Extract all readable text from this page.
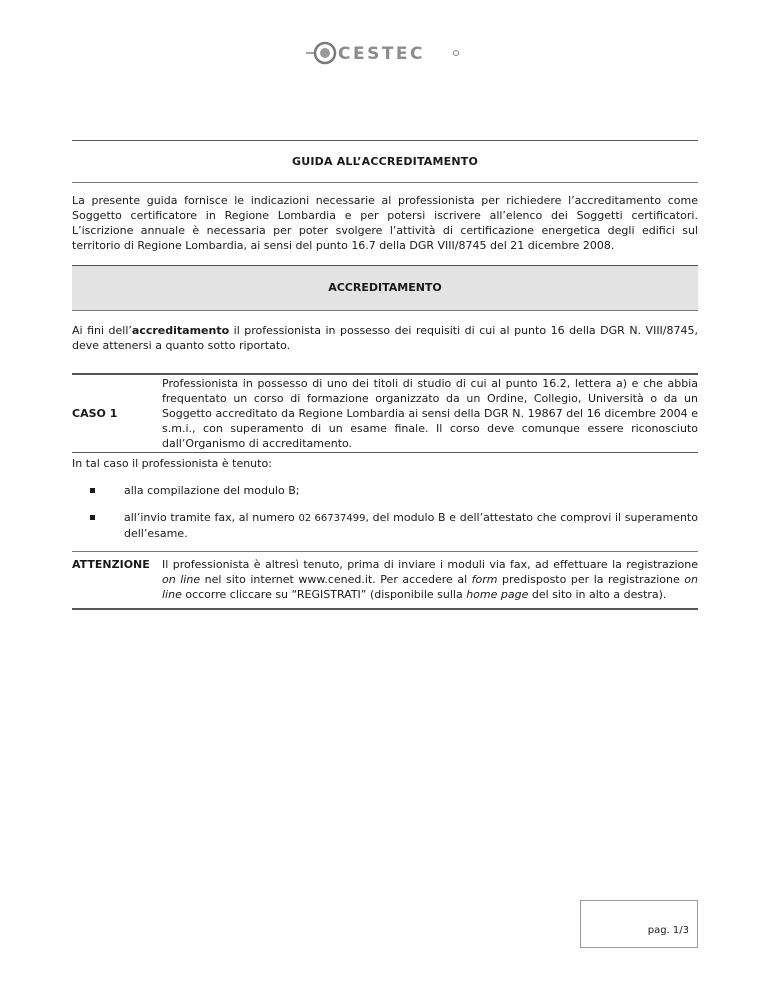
CESTEC
GUIDA ALL’ACCREDITAMENTO

La presente guida fornisce le indicazioni necessarie al professionista per richiedere l’accreditamento come Soggetto certificatore in Regione Lombardia e per potersi iscrivere all’elenco dei Soggetti certificatori. L’iscrizione annuale è necessaria per poter svolgere l’attività di certificazione energetica degli edifici sul territorio di Regione Lombardia, ai sensi del punto 16.7 della DGR VIII/8745 del 21 dicembre 2008.

ACCREDITAMENTO

Ai fini dell’accreditamento il professionista in possesso dei requisiti di cui al punto 16 della DGR N. VIII/8745, deve attenersi a quanto sotto riportato.

CASO 1

Professionista in possesso di uno dei titoli di studio di cui al punto 16.2, lettera a) e che abbia frequentato un corso di formazione organizzato da un Ordine, Collegio, Università o da un Soggetto accreditato da Regione Lombardia ai sensi della DGR N. 19867 del 16 dicembre 2004 e s.m.i., con superamento di un esame finale. Il corso deve comunque essere riconosciuto dall’Organismo di accreditamento.

In tal caso il professionista è tenuto:

alla compilazione del modulo B;
all’invio tramite fax, al numero 02 66737499, del modulo B e dell’attestato che comprovi il superamento dell’esame.
ATTENZIONE	Il professionista è altresì tenuto, prima di inviare i moduli via fax, ad effettuare la registrazione on line nel sito internet www.cened.it. Per accedere al form predisposto per la registrazione on line occorre cliccare su “REGISTRATI” (disponibile sulla home page del sito in alto a destra).

pag. 1/3
